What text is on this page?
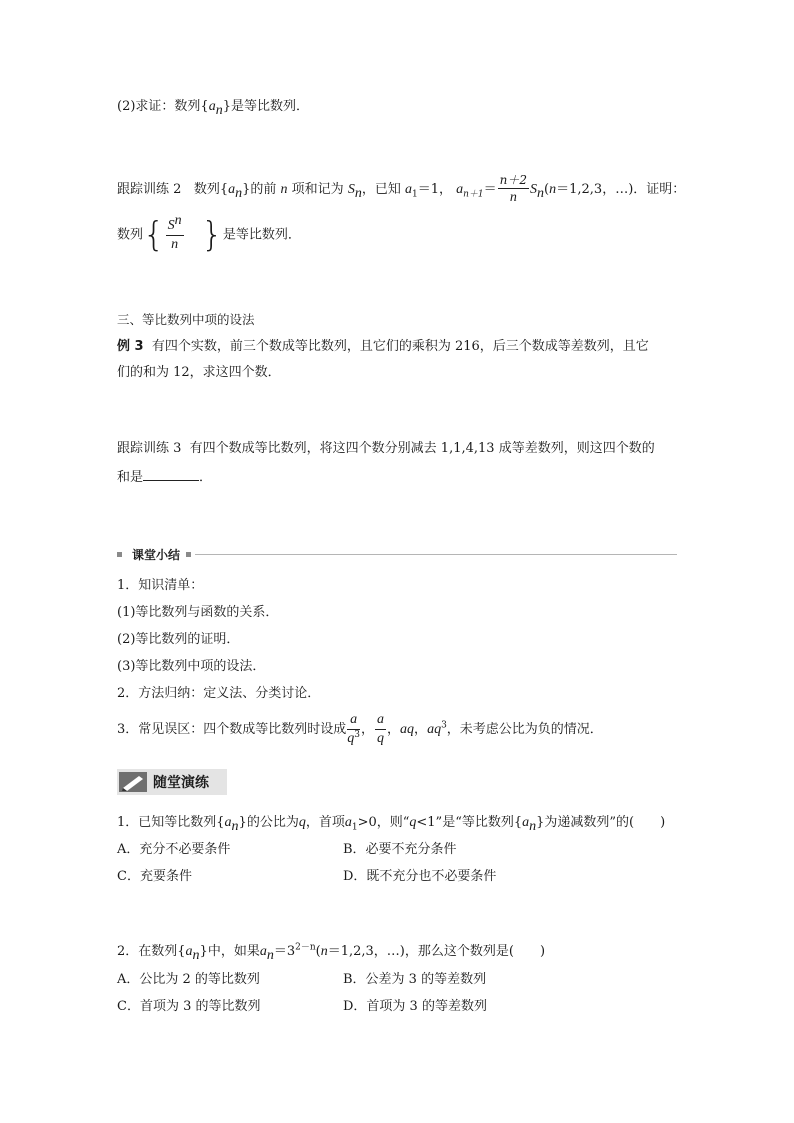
(2)求证：数列$\{a_n\}$是等比数列．
跟踪训练 2 数列$\{a_n\}$的前 n 项和记为 $S_n$，已知 $a_1=1$， $a_{n+1}= \frac{n+2}{n} S_n(n=1,2,3$，…)．证明：
数列{ $\frac{S^n}{n}$ }是等比数列．
三、等比数列中项的设法
例 3 有四个实数，前三个数成等比数列，且它们的乘积为 216，后三个数成等差数列，且它
们的和为 12，求这四个数．
跟踪训练 3 有四个数成等比数列，将这四个数分别减去 1,1,4,13 成等差数列，则这四个数的
和是	．
课堂小结
1．知识清单：
(1)等比数列与函数的关系．
(2)等比数列的证明．
(3)等比数列中项的设法．
2．方法归纳：定义法、分类讨论．
3．常见误区：四个数成等比数列时设成 $\frac{a}{q^3}$ ， $\frac{a}{q}$ ，aq，$aq^3$，未考虑公比为负的情况．
随堂演练
1．已知等比数列$\{a_n\}$的公比为q，首项$a_1>0$，则“q<1”是“等比数列$\{a_n\}$为递减数列”的(　　)
A．充分不必要条件	B．必要不充分条件
C．充要条件	D．既不充分也不必要条件
2．在数列$\{a_n\}$中，如果$a_n=3^{2-n}(n=1,2,3$，…)，那么这个数列是(　　)
A．公比为 2 的等比数列	B．公差为 3 的等差数列
C．首项为 3 的等比数列	D．首项为 3 的等差数列
